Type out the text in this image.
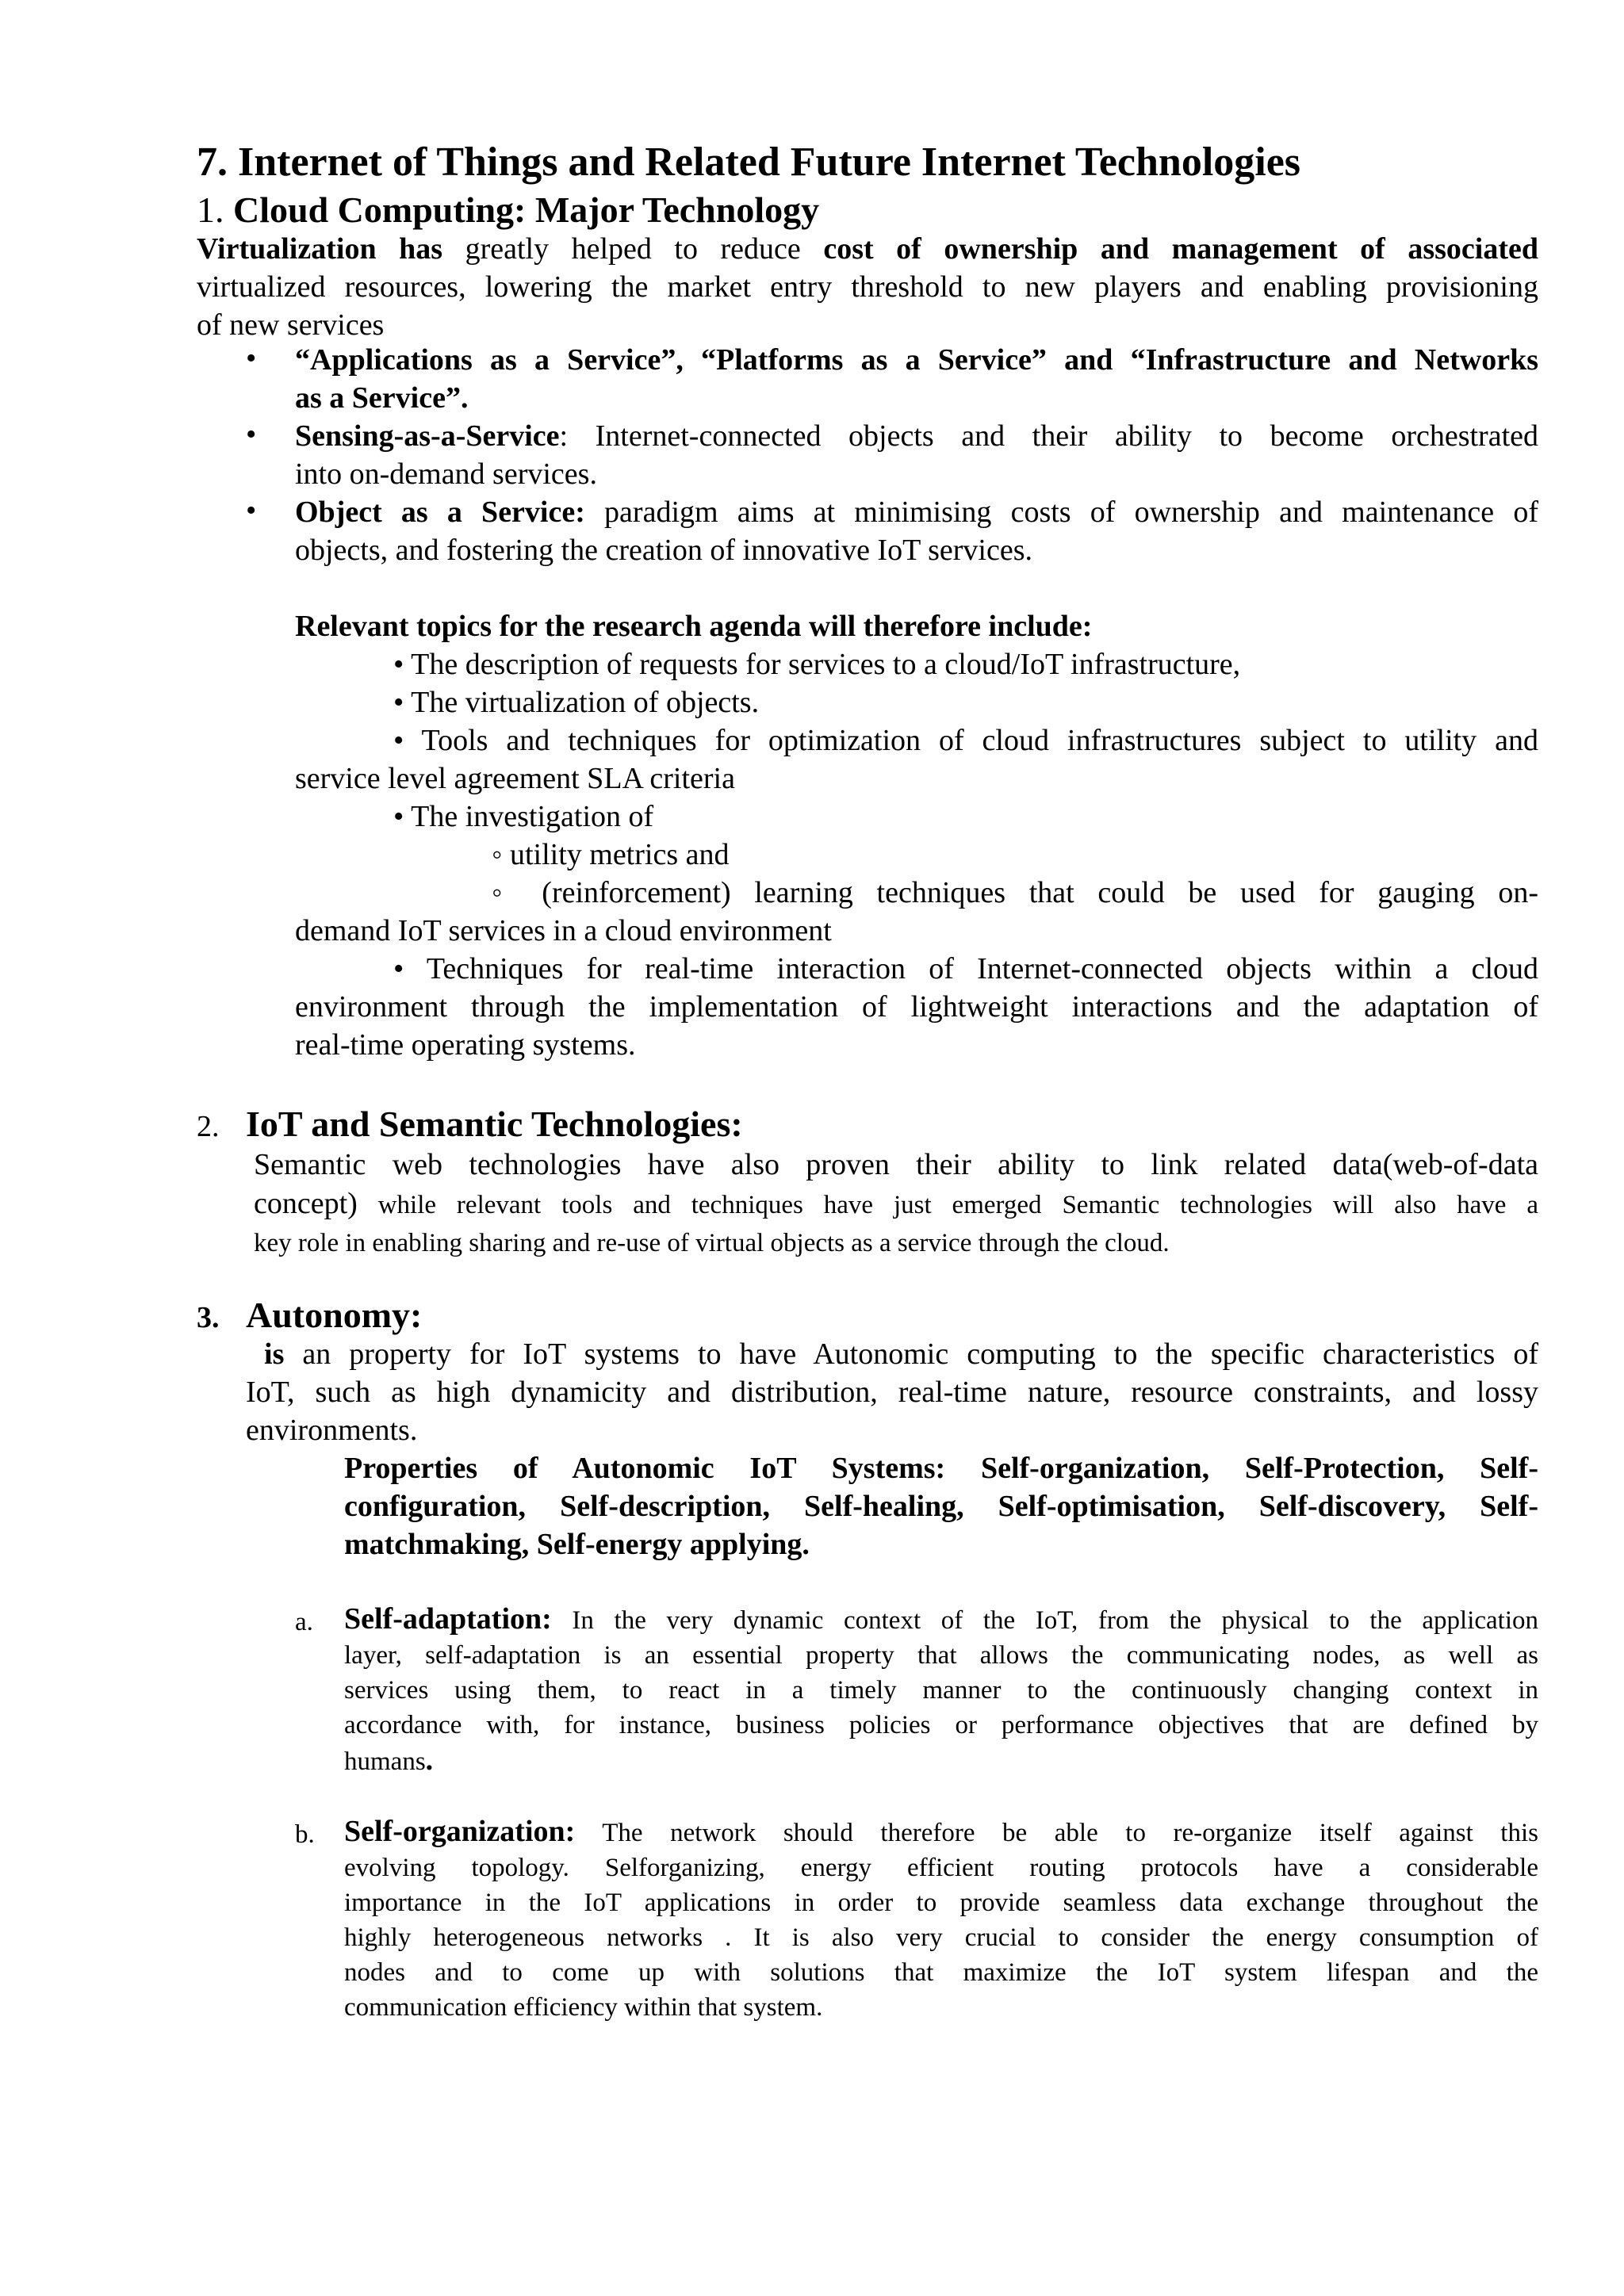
7. Internet of Things and Related Future Internet Technologies
1. Cloud Computing: Major Technology

Virtualization has greatly helped to reduce cost of ownership and management of associated

virtualized resources, lowering the market entry threshold to new players and enabling provisioning

of new services

• “Applications as a Service”, “Platforms as a Service” and “Infrastructure and Networks

as a Service”.

• Sensing-as-a-Service: Internet-connected objects and their ability to become orchestrated

into on-demand services.

• Object as a Service: paradigm aims at minimising costs of ownership and maintenance of

objects, and fostering the creation of innovative IoT services.

Relevant topics for the research agenda will therefore include:

• The description of requests for services to a cloud/IoT infrastructure,

• The virtualization of objects.

• Tools and techniques for optimization of cloud infrastructures subject to utility and

service level agreement SLA criteria

• The investigation of

◦ utility metrics and

◦ (reinforcement) learning techniques that could be used for gauging on-

demand IoT services in a cloud environment

• Techniques for real-time interaction of Internet-connected objects within a cloud

environment through the implementation of lightweight interactions and the adaptation of

real-time operating systems.

2. IoT and Semantic Technologies:

Semantic web technologies have also proven their ability to link related data(web-of-data

concept) while relevant tools and techniques have just emerged Semantic technologies will also have a

key role in enabling sharing and re-use of virtual objects as a service through the cloud.

3. Autonomy:

is an property for IoT systems to have Autonomic computing to the specific characteristics of

IoT, such as high dynamicity and distribution, real-time nature, resource constraints, and lossy

environments.

Properties of Autonomic IoT Systems: Self-organization, Self-Protection, Self-

configuration, Self-description, Self-healing, Self-optimisation, Self-discovery, Self-

matchmaking, Self-energy applying.

a. Self-adaptation: In the very dynamic context of the IoT, from the physical to the application

layer, self-adaptation is an essential property that allows the communicating nodes, as well as

services using them, to react in a timely manner to the continuously changing context in

accordance with, for instance, business policies or performance objectives that are defined by

humans.

b. Self-organization: The network should therefore be able to re-organize itself against this

evolving topology. Selforganizing, energy efficient routing protocols have a considerable

importance in the IoT applications in order to provide seamless data exchange throughout the

highly heterogeneous networks . It is also very crucial to consider the energy consumption of

nodes and to come up with solutions that maximize the IoT system lifespan and the

communication efficiency within that system.
